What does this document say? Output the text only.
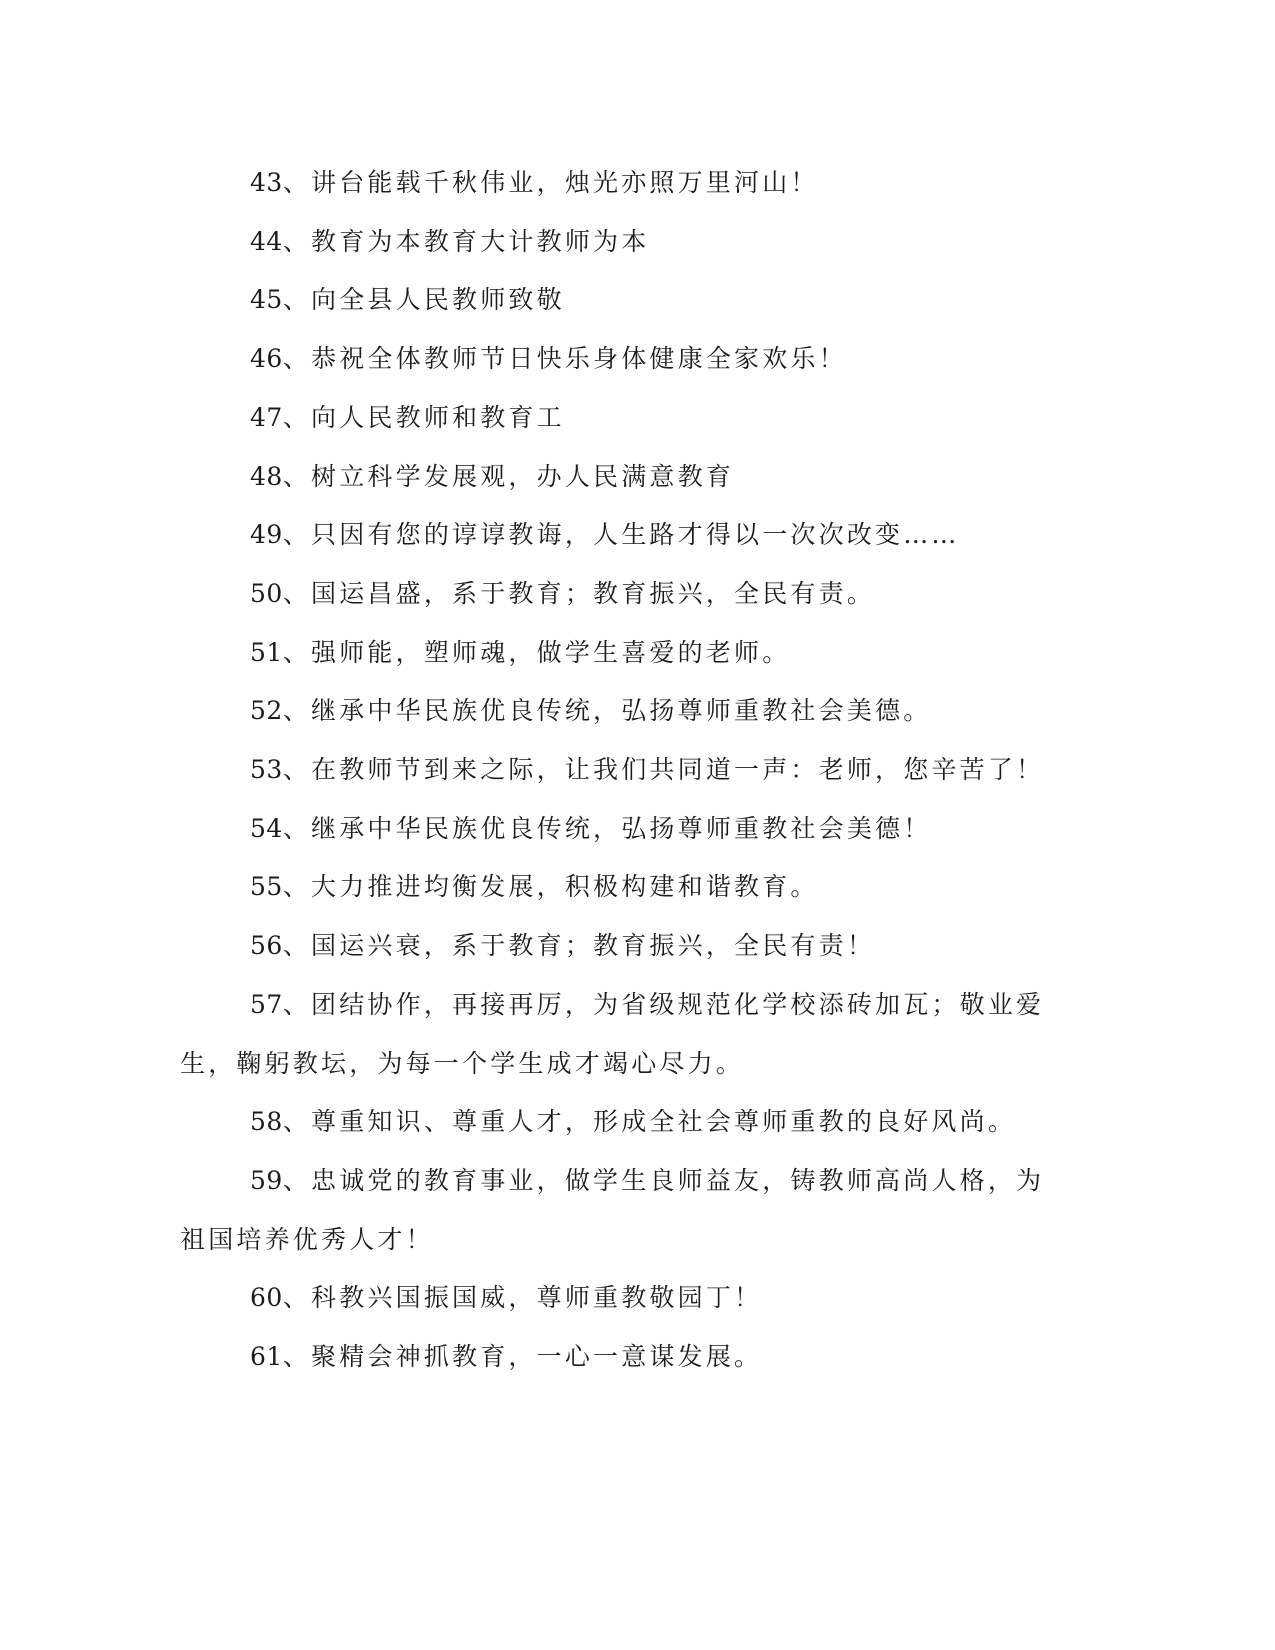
43、讲台能载千秋伟业，烛光亦照万里河山！

44、教育为本教育大计教师为本

45、向全县人民教师致敬

46、恭祝全体教师节日快乐身体健康全家欢乐！

47、向人民教师和教育工

48、树立科学发展观，办人民满意教育

49、只因有您的谆谆教诲，人生路才得以一次次改变……

50、国运昌盛，系于教育；教育振兴，全民有责。

51、强师能，塑师魂，做学生喜爱的老师。

52、继承中华民族优良传统，弘扬尊师重教社会美德。

53、在教师节到来之际，让我们共同道一声：老师，您辛苦了！

54、继承中华民族优良传统，弘扬尊师重教社会美德！

55、大力推进均衡发展，积极构建和谐教育。

56、国运兴衰，系于教育；教育振兴，全民有责！

57、团结协作，再接再厉，为省级规范化学校添砖加瓦；敬业爱生，鞠躬教坛，为每一个学生成才竭心尽力。

58、尊重知识、尊重人才，形成全社会尊师重教的良好风尚。

59、忠诚党的教育事业，做学生良师益友，铸教师高尚人格，为祖国培养优秀人才！

60、科教兴国振国威，尊师重教敬园丁！

61、聚精会神抓教育，一心一意谋发展。
